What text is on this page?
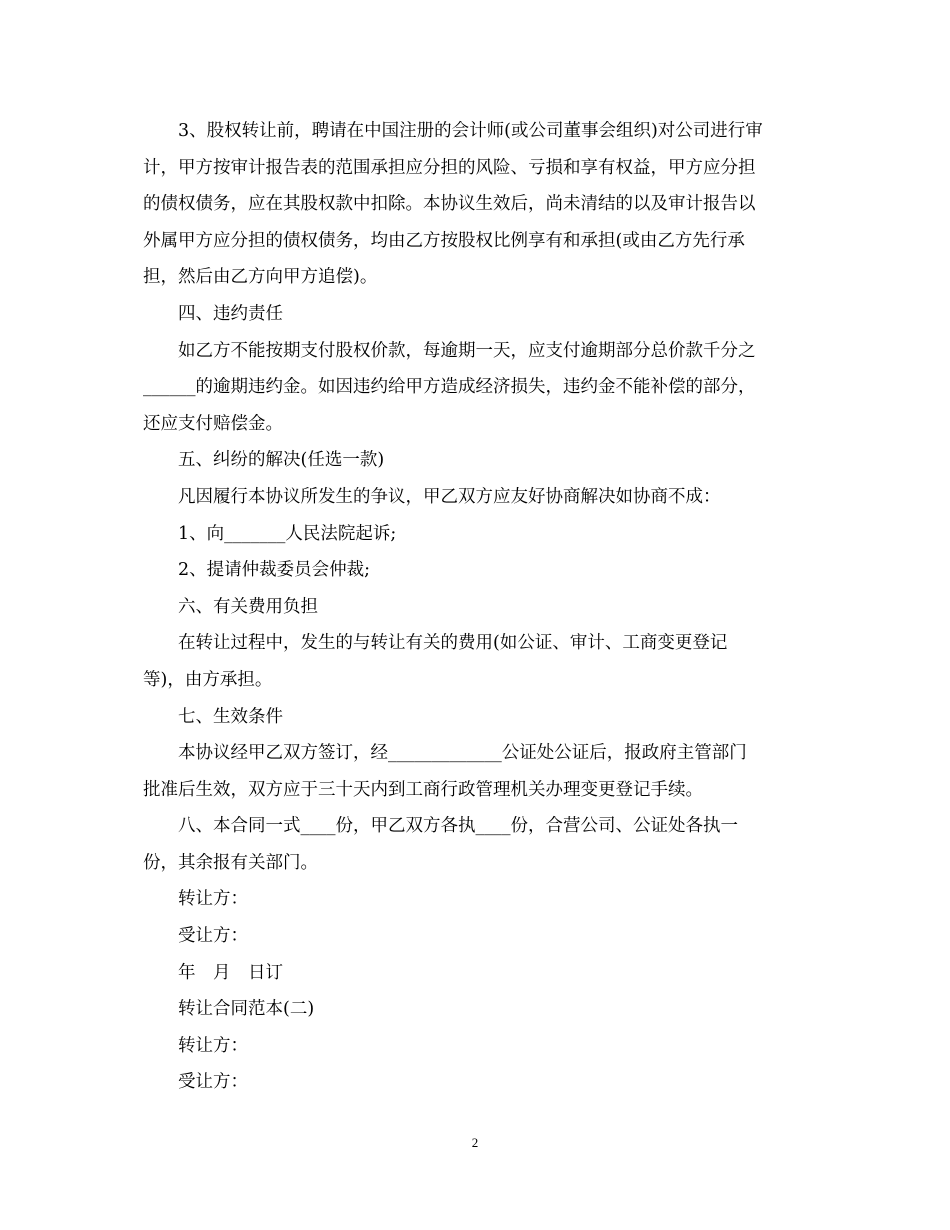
3、股权转让前，聘请在中国注册的会计师(或公司董事会组织)对公司进行审
计，甲方按审计报告表的范围承担应分担的风险、亏损和享有权益，甲方应分担
的债权债务，应在其股权款中扣除。本协议生效后，尚未清结的以及审计报告以
外属甲方应分担的债权债务，均由乙方按股权比例享有和承担(或由乙方先行承
担，然后由乙方向甲方追偿)。
四、违约责任
如乙方不能按期支付股权价款，每逾期一天，应支付逾期部分总价款千分之
______的逾期违约金。如因违约给甲方造成经济损失，违约金不能补偿的部分，
还应支付赔偿金。
五、纠纷的解决(任选一款)
凡因履行本协议所发生的争议，甲乙双方应友好协商解决如协商不成：
1、向_______人民法院起诉;
2、提请仲裁委员会仲裁;
六、有关费用负担
在转让过程中，发生的与转让有关的费用(如公证、审计、工商变更登记
等)，由方承担。
七、生效条件
本协议经甲乙双方签订，经_____________公证处公证后，报政府主管部门
批准后生效，双方应于三十天内到工商行政管理机关办理变更登记手续。
八、本合同一式____份，甲乙双方各执____份，合营公司、公证处各执一
份，其余报有关部门。
转让方：
受让方：
年　月　日订
转让合同范本(二)
转让方：
受让方：
2
